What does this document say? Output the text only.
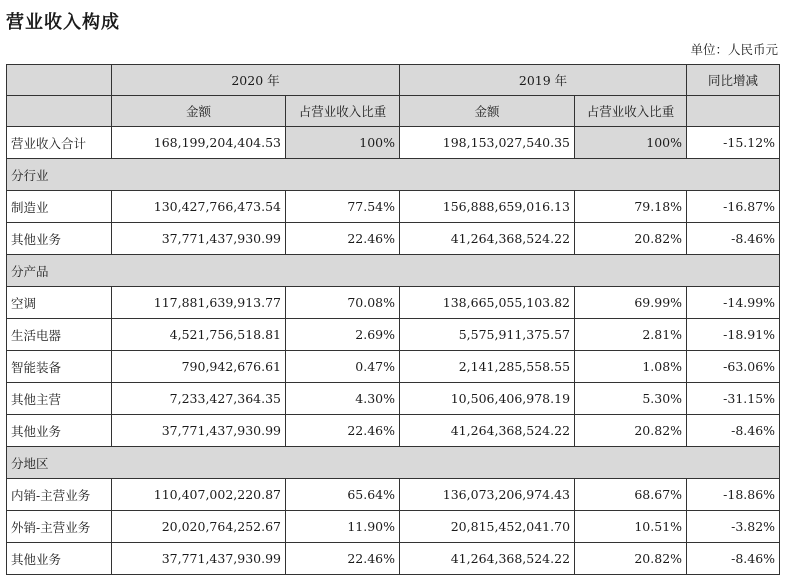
营业收入构成
单位：人民币元
	2020 年		2019 年		同比增减
	金额	占营业收入比重	金额	占营业收入比重	
营业收入合计	168,199,204,404.53	100%	198,153,027,540.35	100%	-15.12%
分行业					
制造业	130,427,766,473.54	77.54%	156,888,659,016.13	79.18%	-16.87%
其他业务	37,771,437,930.99	22.46%	41,264,368,524.22	20.82%	-8.46%
分产品					
空调	117,881,639,913.77	70.08%	138,665,055,103.82	69.99%	-14.99%
生活电器	4,521,756,518.81	2.69%	5,575,911,375.57	2.81%	-18.91%
智能装备	790,942,676.61	0.47%	2,141,285,558.55	1.08%	-63.06%
其他主营	7,233,427,364.35	4.30%	10,506,406,978.19	5.30%	-31.15%
其他业务	37,771,437,930.99	22.46%	41,264,368,524.22	20.82%	-8.46%
分地区					
内销-主营业务	110,407,002,220.87	65.64%	136,073,206,974.43	68.67%	-18.86%
外销-主营业务	20,020,764,252.67	11.90%	20,815,452,041.70	10.51%	-3.82%
其他业务	37,771,437,930.99	22.46%	41,264,368,524.22	20.82%	-8.46%
